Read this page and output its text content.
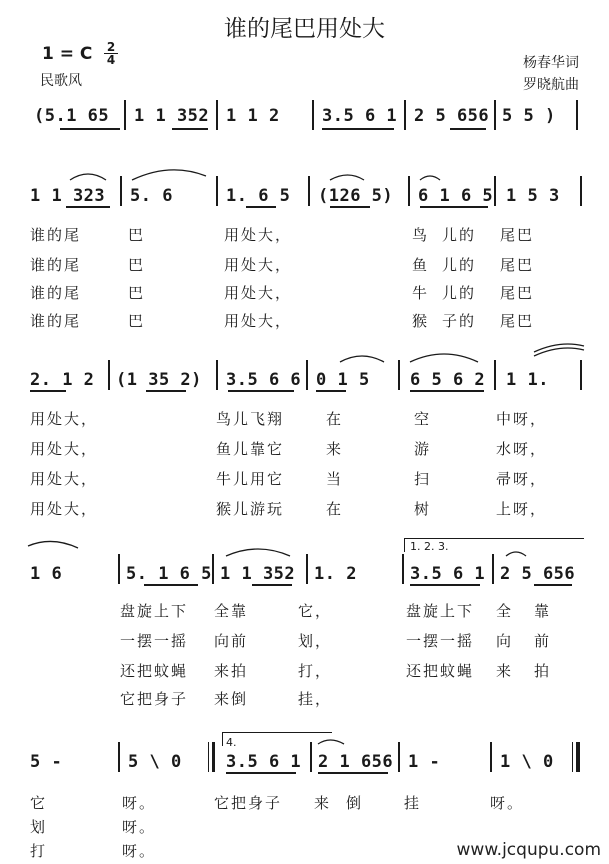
谁的尾巴用处大
1 = C 2
4
民歌风
杨春华词
罗晓航曲
(5.1 65 1 1 352 1 1 2 3.5 6 1 2 5 656 5 5 )
1 1 323 5. 6	1. 6 5 (126 5) 6 1 6 5 1 5 3
谁的尾	巴	用处大，	鸟 儿的 尾巴
谁的尾	巴	用处大，	鱼 儿的 尾巴
谁的尾	巴	用处大，	牛 儿的 尾巴
谁的尾	巴	用处大，	猴 子的 尾巴
2. 1 2 (1 35 2) 3.5 6 6 0 1 5 6 5 6 2 1 1.
用处大，	鸟儿飞翔	在	空	中呀，
用处大，	鱼儿靠它	来	游	水呀，
用处大，	牛儿用它	当	扫	帚呀，
用处大，	猴儿游玩	在	树	上呀，
1. 2. 3.
1 6	5. 1 6 5 1 1 352 1. 2	3.5 6 1 2 5 656
盘旋上下 全靠	它，	盘旋上下 全 靠
一摆一摇 向前	划，	一摆一摇 向 前
还把蚊蝇 来拍	打，	还把蚊蝇 来 拍
它把身子 来倒	挂，
4.
5 -	5 \ 0	3.5 6 1 2 1 656 1 -	1 \ 0
它	呀。	它把身子 来 倒	挂	呀。
划	呀。
打	呀。	www.jcqupu.com
